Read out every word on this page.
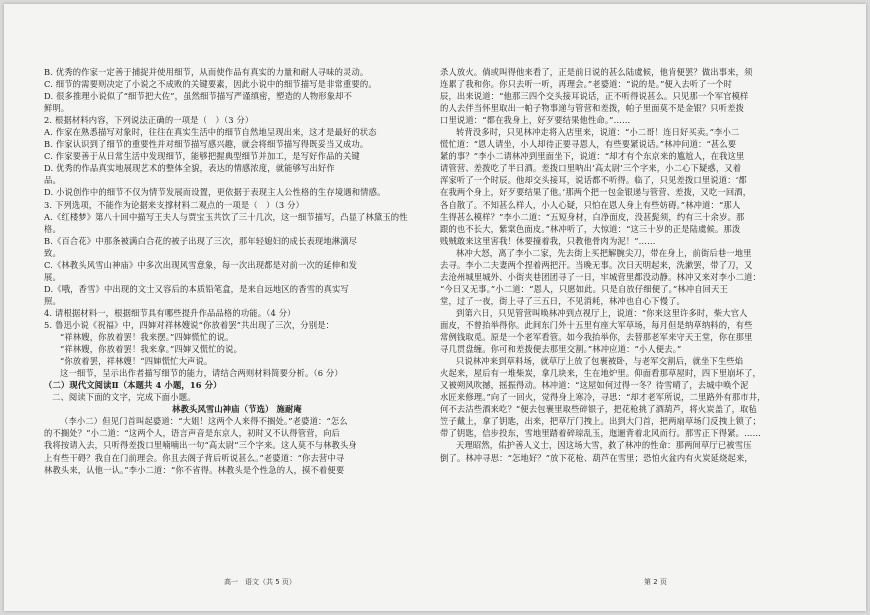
B. 优秀的作家一定善于捕捉并使用细节，从而使作品有真实的力量和耐人寻味的灵动。
C. 细节的需要则决定了小说之不成败的关键要素，因此小说中的细节描写是非常重要的。
D. 很多推理小说似了“细节把大佐”，虽然细节描写严谨缜密，塑造的人物形象却不
鲜明。
2. 根据材料内容，下列说法正确的一项是（　）（3 分）
A. 作家在熟悉描写对象时，往往在真实生活中的细节自然地呈现出来，这才是最好的状态
B. 作家认识到了细节的重要性并对细节描写感兴趣，就会将细节描写得既妥当又成功。
C. 作家要善于从日常生活中发现细节，能够把握典型细节并加工，是写好作品的关键
D. 优秀的作品真实地展现艺术的整体全貌，表达的情感浓度，就能够写出好作
品。
D. 小说创作中的细节不仅为情节发展而设置，更依据于表现主人公性格的生存境遇和情感。
3. 下列选项，不能作为论据来支撑材料二观点的一项是（　）（3 分）
A.《红楼梦》第八十回中描写王夫人与贾宝玉共饮了三十几次，这一细节描写，凸显了林黛玉的性
格。
B.《百合花》中那条被满白合花的被子出现了三次，那年轻媳妇的成长表现地淋漓尽
致。
C.《林教头风雪山神庙》中多次出现风雪意象，每一次出现都是对前一次的延伸和发
展。
D.《哦，香雪》中出现的文士又容后的本质铅笔盒，是来自远地区的香雪的真实写
照。
4. 请根据材料一，根据细节具有哪些提升作品品格的功能。（4 分）
5. 鲁迅小说《祝福》中，四婶对祥林嫂说“你放着罢”共出现了三次，分别是：
“祥林嫂，你放着罢！我来摆。”四婶慌忙的说。
“祥林嫂，你放着罢！我来拿。”四婶又慌忙的说。
“你放着罢，祥林嫂！”四婶慌忙大声说。
这一细节，呈示出作者描写细节的能力，请结合两则材料简要分析。（6 分）
（二）现代文阅读Ⅱ（本题共 4 小题，16 分）
二、阅读下面的文字，完成下面小题。
林教头风雪山神庙（节选） 施耐庵
（李小二）但见门首叫起婆道：“大姐！这两个人来得不搁处。”老婆道：“怎么
的不搁处？”小二道：“这两个人，语言声音是东京人，初时又不认得管营，向后
我将按请入去，只听得差拨口里喃喃出一句“高太尉”三个字来。这人莫不与林教头身
上有些干碍？我自在门前理会。你且去阁子背后听说甚么。”老婆道：“你去营中寻
林教头来，认他一认。”李小二道：“你不省得。林教头是个性急的人，摸不着便要
杀人放火。倘或叫得他来看了，正是前日说的甚么陆虞候，他肯便罢？做出事来，须
连累了我和你。你只去听一听，再理会。”老婆道：“说的是。”便入去听了一个时
辰，出来说道：“他那三四个交头接耳说话，正不听得说甚么。只见那一个军官模样
的人去伴当怀里取出一帕子物事递与管营和差拨，帕子里面莫不是金银？只听差拨
口里说道：“都在我身上，好歹要结果他性命。”……
转背没多时，只见林冲走将入店里来，说道：“小二哥！连日好买卖。”李小二
慌忙道：“恩人请坐，小人却待正要寻恩人，有些要紧说话。”林冲问道：“甚么要
紧的事？”李小二请林冲到里面坐下，说道：“却才有个东京来的尴尬人，在我这里
请管营、差拨吃了半日酒。差拨口里呐出‘高太尉’三个字来，小二心下疑惑，又着
浑家听了一个时辰。他却交头接耳，说话都不听得。临了，只见差拨口里说道：‘都
在我两个身上，好歹要结果了他。’那两个把一包金银递与管营、差拨，又吃一回酒，
各自散了。不知甚么样人，小人心疑，只怕在恩人身上有些妨碍。”林冲道：“那人
生得甚么模样？”李小二道：“五短身材，白净面皮，没甚髭须，约有三十余岁。那
跟的也不长大，紫棠色面皮。”林冲听了，大惊道：“这三十岁的正是陆虞候。那泼
贱贼敢来这里害我！休要撞着我，只教他骨肉为泥！”……
林冲大怒，离了李小二家，先去街上买把解腕尖刀，带在身上，前街后巷一地里
去寻。李小二夫妻两个捏着两把汗。当晚无事。次日天明起来，洗漱罢，带了刀，又
去沧州城里城外、小街夹巷团团寻了一日，牢城营里都没动静。林冲又来对李小二道：
“今日又无事。”小二道：“恩人，只愿如此。只是自放仔细便了。”林冲自回天王
堂，过了一夜，街上寻了三五日，不见消耗，林冲也自心下慢了。
到第六日，只见管营叫唤林冲到点视厅上，说道：“你来这里许多时，柴大官人
面皮，不曾抬举得你。此间东门外十五里有座大军草场，每月但是纳草纳料的，有些
常例钱取觅。原是一个老军看管。如今我抬举你，去替那老军来守天王堂，你在那里
寻几贯盘缠。你可和差拨便去那里交割。”林冲应道：“小人便去。”
只说林冲来到草料场，就草厅上放了包裹被卧，与老军交割后，就坐下生些焰
火起来，屋后有一堆柴炭，拿几块来，生在地炉里。仰面看那草屋时，四下里崩坏了，
又被朔风吹撼，摇振得动。林冲道：“这屋如何过得一冬？待雪晴了，去城中唤个泥
水匠来修理。”向了一回火，觉得身上寒冷，寻思：“却才老军所说，二里路外有那市井，
何不去沽些酒来吃？”便去包裹里取些碎银子，把花枪挑了酒葫芦，将火炭盖了，取毡
笠子戴上，拿了钥匙，出来，把草厅门拽上。出到大门首，把两扇草场门反拽上锁了；
带了钥匙，信步投东，雪地里踏着碎琼乱玉，迤逦背着北风而行。那雪正下得紧。……
天理昭然，佑护善人义士，因这场大雪，救了林冲的性命：那两间草厅已被雪压
倒了。林冲寻思：“怎地好？”放下花枪、葫芦在雪里；恐怕火盆内有火炭延烧起来，
高一　语文（共 5 页）	第 2 页
